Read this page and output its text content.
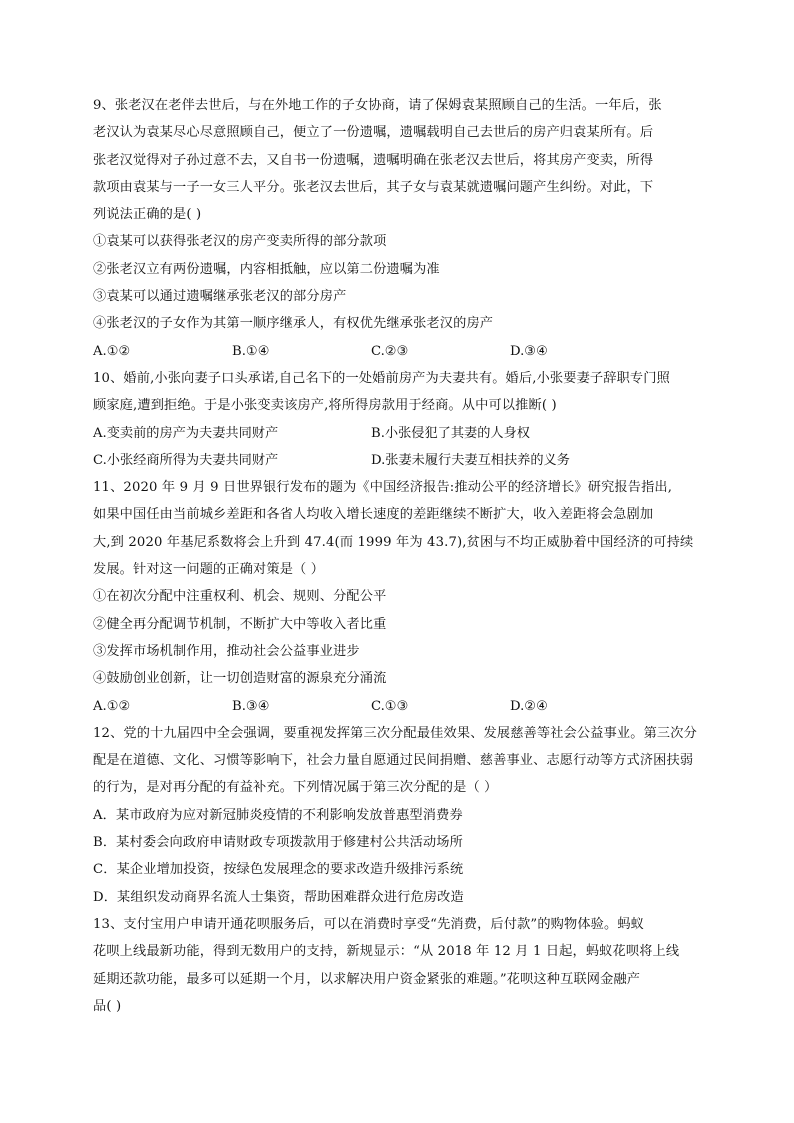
9、张老汉在老伴去世后，与在外地工作的子女协商，请了保姆袁某照顾自己的生活。一年后，张
老汉认为袁某尽心尽意照顾自己，便立了一份遗嘱，遗嘱载明自己去世后的房产归袁某所有。后
张老汉觉得对子孙过意不去，又自书一份遗嘱，遗嘱明确在张老汉去世后，将其房产变卖，所得
款项由袁某与一子一女三人平分。张老汉去世后，其子女与袁某就遗嘱问题产生纠纷。对此，下
列说法正确的是( )
①袁某可以获得张老汉的房产变卖所得的部分款项
②张老汉立有两份遗嘱，内容相抵触，应以第二份遗嘱为准
③袁某可以通过遗嘱继承张老汉的部分房产
④张老汉的子女作为其第一顺序继承人，有权优先继承张老汉的房产
A.①②	B.①④	C.②③	D.③④
10、婚前,小张向妻子口头承诺,自己名下的一处婚前房产为夫妻共有。婚后,小张要妻子辞职专门照
顾家庭,遭到拒绝。于是小张变卖该房产,将所得房款用于经商。从中可以推断( )
A.变卖前的房产为夫妻共同财产	B.小张侵犯了其妻的人身权
C.小张经商所得为夫妻共同财产	D.张妻未履行夫妻互相扶养的义务
11、2020 年 9 月 9 日世界银行发布的题为《中国经济报告:推动公平的经济增长》研究报告指出,
如果中国任由当前城乡差距和各省人均收入增长速度的差距继续不断扩大，收入差距将会急剧加
大,到 2020 年基尼系数将会上升到 47.4(而 1999 年为 43.7),贫困与不均正威胁着中国经济的可持续
发展。针对这一问题的正确对策是（ ）
①在初次分配中注重权利、机会、规则、分配公平
②健全再分配调节机制，不断扩大中等收入者比重
③发挥市场机制作用，推动社会公益事业进步
④鼓励创业创新，让一切创造财富的源泉充分涌流
A.①②	B.③④	C.①③	D.②④
12、党的十九届四中全会强调，要重视发挥第三次分配最佳效果、发展慈善等社会公益事业。第三次分
配是在道德、文化、习惯等影响下，社会力量自愿通过民间捐赠、慈善事业、志愿行动等方式济困扶弱
的行为，是对再分配的有益补充。下列情况属于第三次分配的是（ ）
A．某市政府为应对新冠肺炎疫情的不利影响发放普惠型消费券
B．某村委会向政府申请财政专项拨款用于修建村公共活动场所
C．某企业增加投资，按绿色发展理念的要求改造升级排污系统
D．某组织发动商界名流人士集资，帮助困难群众进行危房改造
13、支付宝用户申请开通花呗服务后，可以在消费时享受“先消费，后付款”的购物体验。蚂蚁
花呗上线最新功能，得到无数用户的支持，新规显示：“从 2018 年 12 月 1 日起，蚂蚁花呗将上线
延期还款功能，最多可以延期一个月，以求解决用户资金紧张的难题。”花呗这种互联网金融产
品( )
